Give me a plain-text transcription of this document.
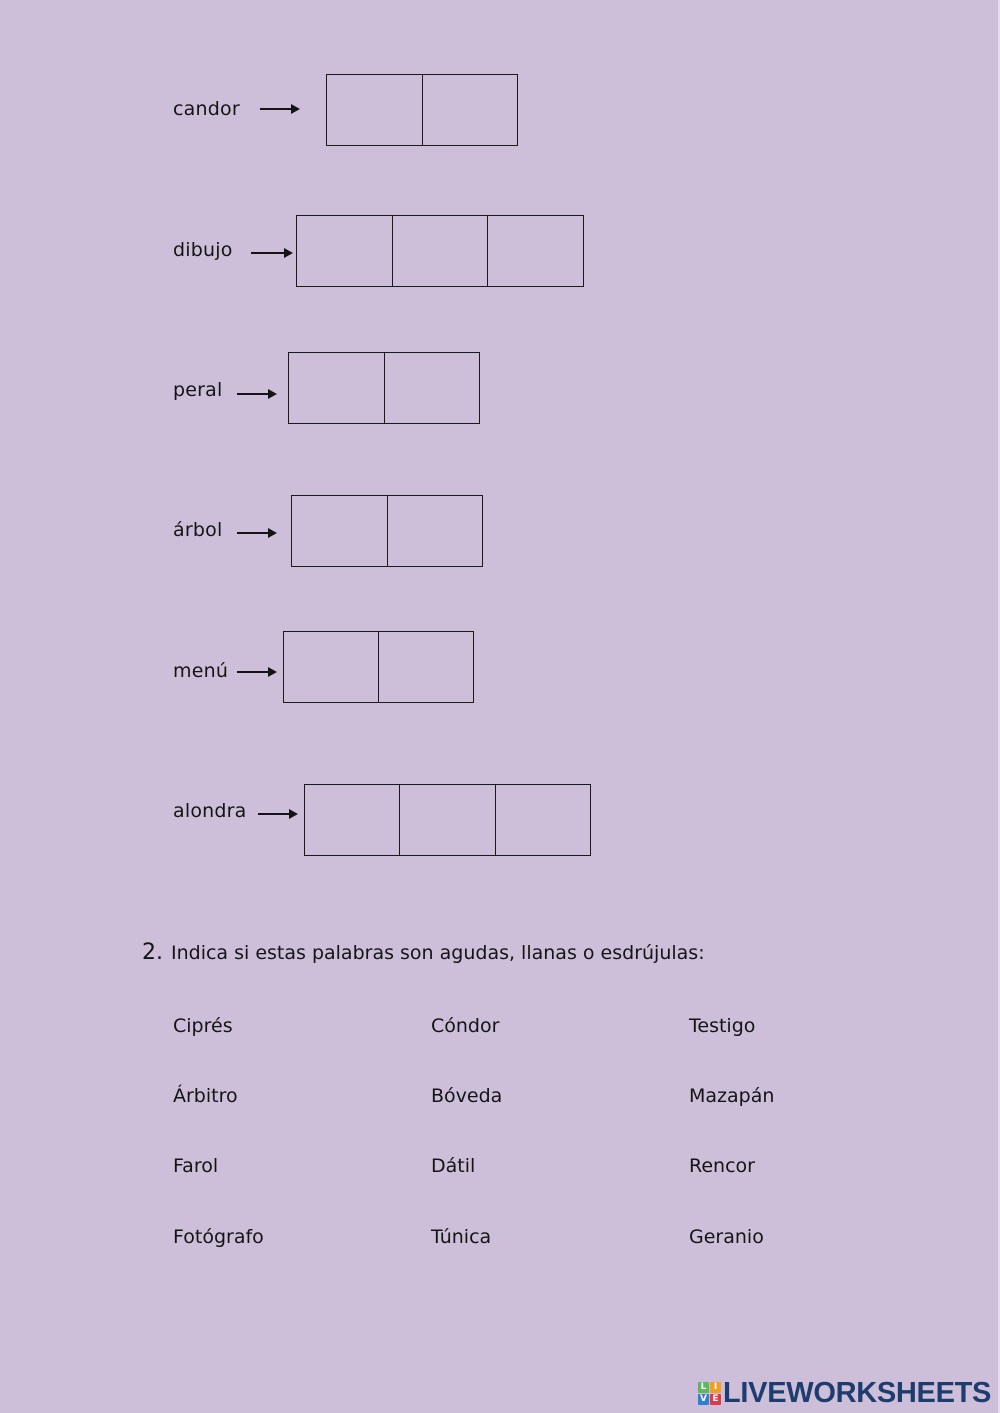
candor
dibujo
peral
árbol
menú
alondra
2. Indica si estas palabras son agudas, llanas o esdrújulas:
Ciprés	Cóndor	Testigo
Árbitro	Bóveda	Mazapán
Farol	Dátil	Rencor
Fotógrafo	Túnica	Geranio
L I
V E LIVEWORKSHEETS
